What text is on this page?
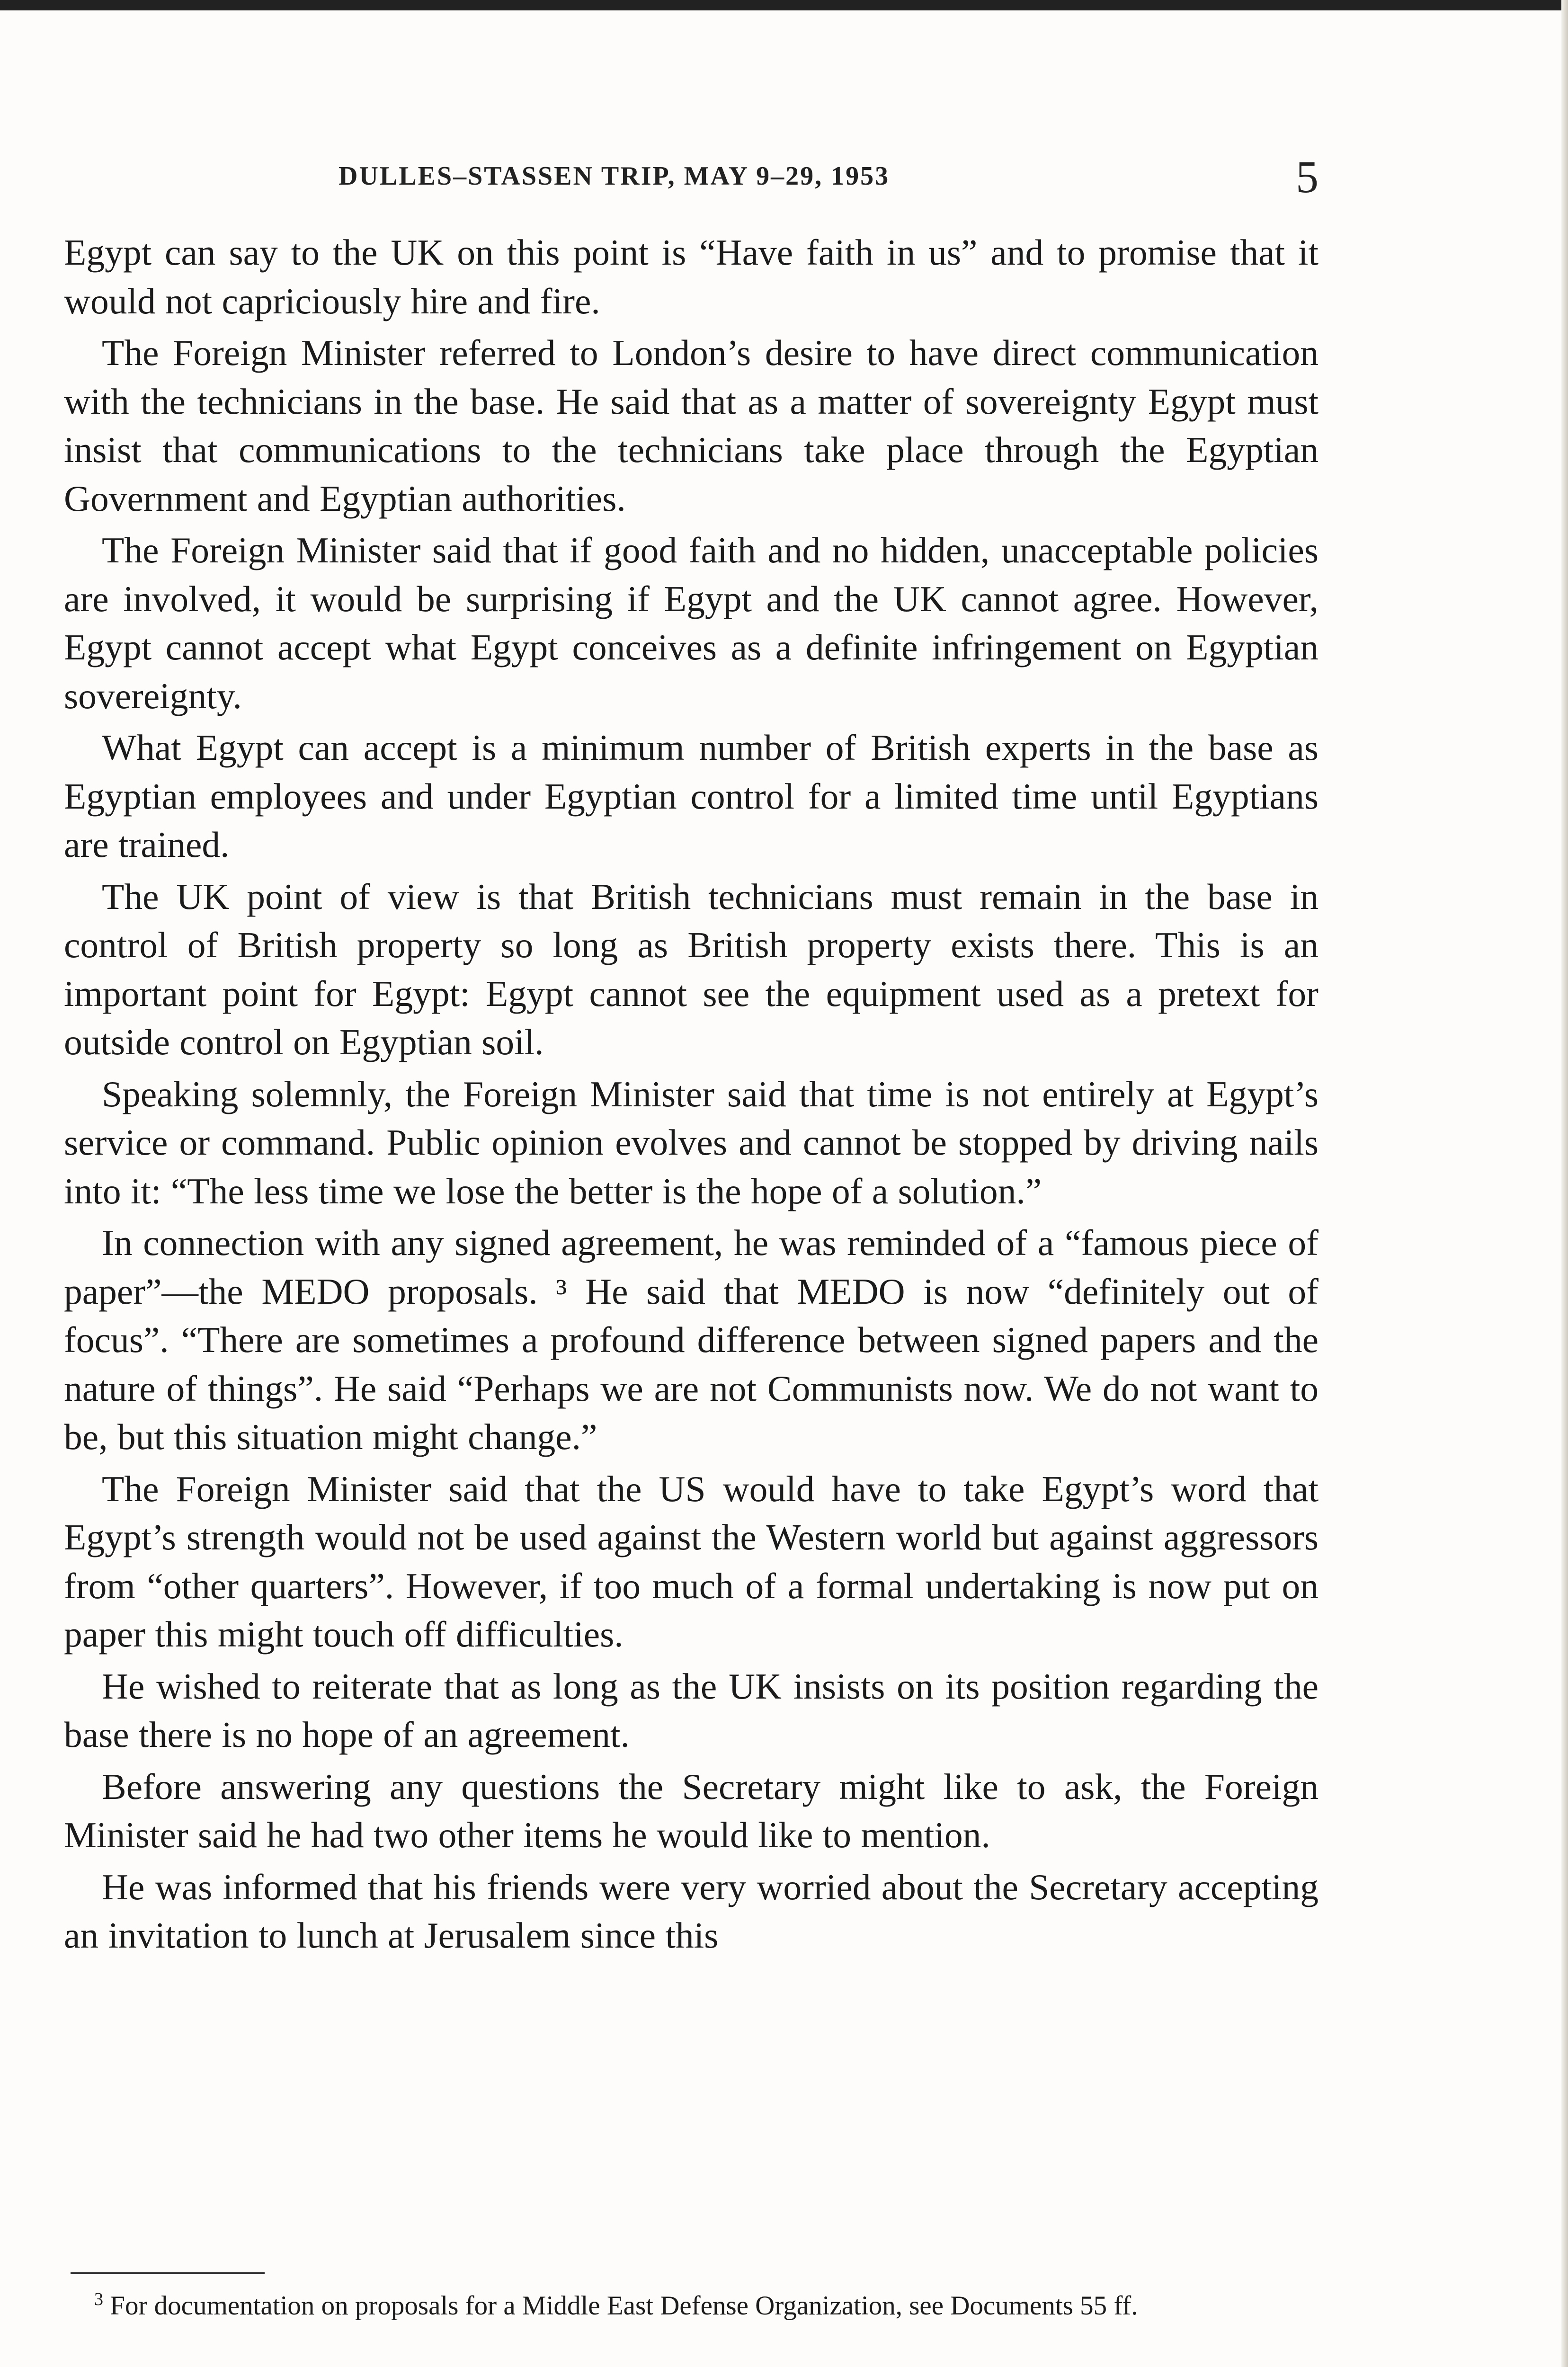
DULLES–STASSEN TRIP, MAY 9–29, 1953	5

Egypt can say to the UK on this point is “Have faith in us” and to promise that it would not capriciously hire and fire.

The Foreign Minister referred to London’s desire to have direct communication with the technicians in the base. He said that as a matter of sovereignty Egypt must insist that communications to the technicians take place through the Egyptian Government and Egyptian authorities.

The Foreign Minister said that if good faith and no hidden, unacceptable policies are involved, it would be surprising if Egypt and the UK cannot agree. However, Egypt cannot accept what Egypt conceives as a definite infringement on Egyptian sovereignty.

What Egypt can accept is a minimum number of British experts in the base as Egyptian employees and under Egyptian control for a limited time until Egyptians are trained.

The UK point of view is that British technicians must remain in the base in control of British property so long as British property exists there. This is an important point for Egypt: Egypt cannot see the equipment used as a pretext for outside control on Egyptian soil.

Speaking solemnly, the Foreign Minister said that time is not entirely at Egypt’s service or command. Public opinion evolves and cannot be stopped by driving nails into it: “The less time we lose the better is the hope of a solution.”

In connection with any signed agreement, he was reminded of a “famous piece of paper”—the MEDO proposals. ³ He said that MEDO is now “definitely out of focus”. “There are sometimes a profound difference between signed papers and the nature of things”. He said “Perhaps we are not Communists now. We do not want to be, but this situation might change.”

The Foreign Minister said that the US would have to take Egypt’s word that Egypt’s strength would not be used against the Western world but against aggressors from “other quarters”. However, if too much of a formal undertaking is now put on paper this might touch off difficulties.

He wished to reiterate that as long as the UK insists on its position regarding the base there is no hope of an agreement.

Before answering any questions the Secretary might like to ask, the Foreign Minister said he had two other items he would like to mention.

He was informed that his friends were very worried about the Secretary accepting an invitation to lunch at Jerusalem since this

$^3$ For documentation on proposals for a Middle East Defense Organization, see Documents 55 ff.
